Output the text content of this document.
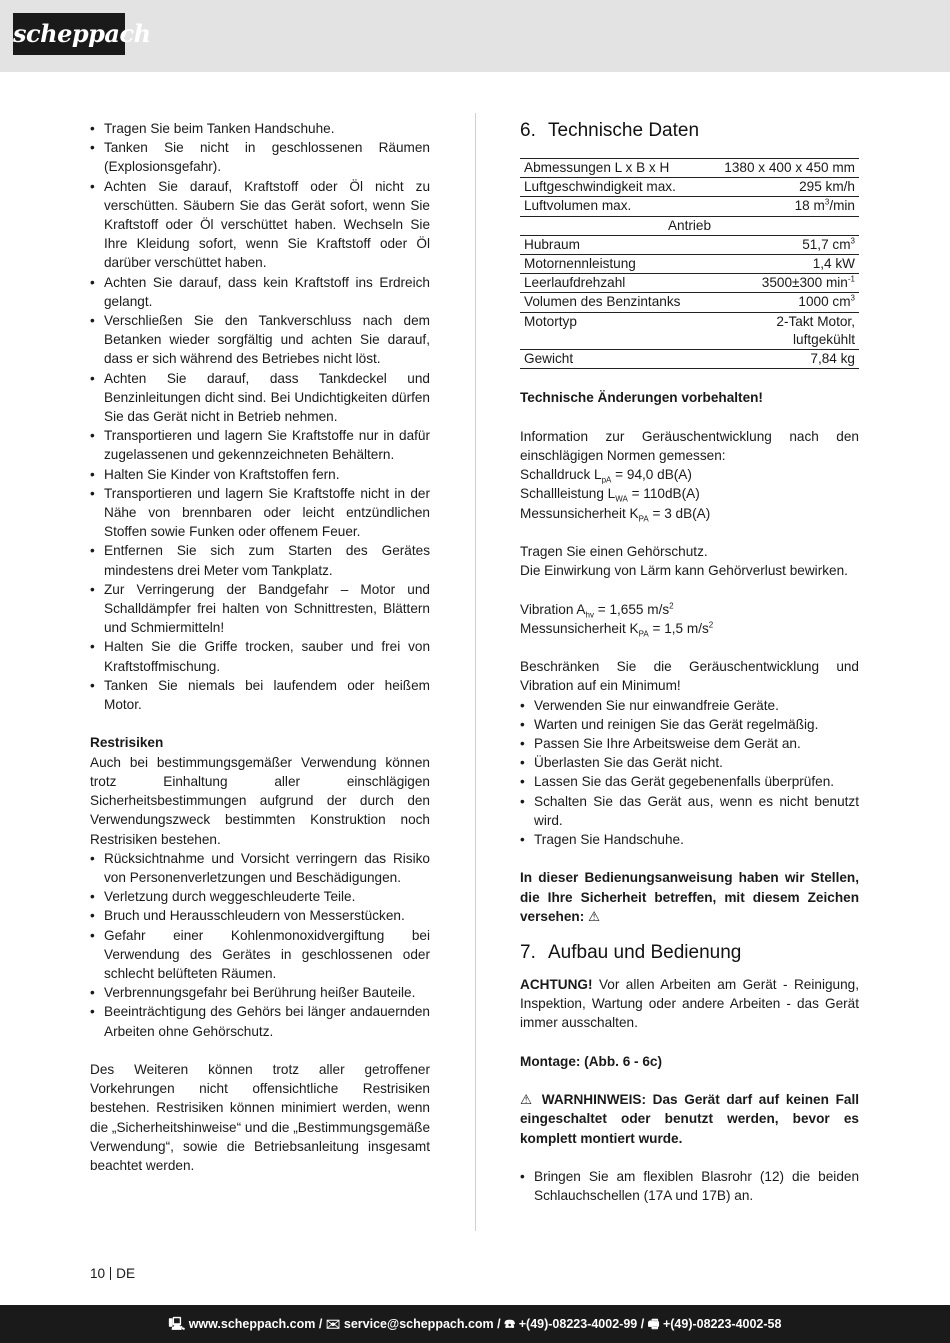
scheppach
• Tragen Sie beim Tanken Handschuhe.
• Tanken Sie nicht in geschlossenen Räumen (Explosionsgefahr).
• Achten Sie darauf, Kraftstoff oder Öl nicht zu verschütten. Säubern Sie das Gerät sofort, wenn Sie Kraftstoff oder Öl verschüttet haben. Wechseln Sie Ihre Kleidung sofort, wenn Sie Kraftstoff oder Öl darüber verschüttet haben.
• Achten Sie darauf, dass kein Kraftstoff ins Erdreich gelangt.
• Verschließen Sie den Tankverschluss nach dem Betanken wieder sorgfältig und achten Sie darauf, dass er sich während des Betriebes nicht löst.
• Achten Sie darauf, dass Tankdeckel und Benzinleitungen dicht sind. Bei Undichtigkeiten dürfen Sie das Gerät nicht in Betrieb nehmen.
• Transportieren und lagern Sie Kraftstoffe nur in dafür zugelassenen und gekennzeichneten Behältern.
• Halten Sie Kinder von Kraftstoffen fern.
• Transportieren und lagern Sie Kraftstoffe nicht in der Nähe von brennbaren oder leicht entzündlichen Stoffen sowie Funken oder offenem Feuer.
• Entfernen Sie sich zum Starten des Gerätes mindestens drei Meter vom Tankplatz.
• Zur Verringerung der Bandgefahr – Motor und Schalldämpfer frei halten von Schnittresten, Blättern und Schmiermitteln!
• Halten Sie die Griffe trocken, sauber und frei von Kraftstoffmischung.
• Tanken Sie niemals bei laufendem oder heißem Motor.

Restrisiken

Auch bei bestimmungsgemäßer Verwendung können trotz Einhaltung aller einschlägigen Sicherheitsbestimmungen aufgrund der durch den Verwendungszweck bestimmten Konstruktion noch Restrisiken bestehen.

• Rücksichtnahme und Vorsicht verringern das Risiko von Personenverletzungen und Beschädigungen.
• Verletzung durch weggeschleuderte Teile.
• Bruch und Herausschleudern von Messerstücken.
• Gefahr einer Kohlenmonoxidvergiftung bei Verwendung des Gerätes in geschlossenen oder schlecht belüfteten Räumen.
• Verbrennungsgefahr bei Berührung heißer Bauteile.
• Beeinträchtigung des Gehörs bei länger andauernden Arbeiten ohne Gehörschutz.

Des Weiteren können trotz aller getroffener Vorkehrungen nicht offensichtliche Restrisiken bestehen. Restrisiken können minimiert werden, wenn die „Sicherheitshinweise“ und die „Bestimmungsgemäße Verwendung“, sowie die Betriebsanleitung insgesamt beachtet werden.

6. Technische Daten
Abmessungen L x B x H	1380 x 400 x 450 mm
Luftgeschwindigkeit max.	295 km/h
Luftvolumen max.	18 $m^3/\min$
Antrieb	
Hubraum	51,7 $cm^3$
Motornennleistung	1,4 kW
Leerlaufdrehzahl	3500±300 $\min^{-1}$
Volumen des Benzintanks	1000 $cm^3$
Motortyp	2-Takt Motor, luftgekühlt
Gewicht	7,84 kg

Technische Änderungen vorbehalten!

Information zur Geräuschentwicklung nach den einschlägigen Normen gemessen:

Schalldruck $L_{pA} = 94,0$ dB(A)

Schallleistung $L_{WA} = 110dB(A)$

Messunsicherheit $K_{PA} = 3$ dB(A)

Tragen Sie einen Gehörschutz.

Die Einwirkung von Lärm kann Gehörverlust bewirken.

Vibration $A_{hv} = 1,655$ $m/s^2$

Messunsicherheit $K_{PA} = 1,5$ $m/s^2$

Beschränken Sie die Geräuschentwicklung und Vibration auf ein Minimum!

• Verwenden Sie nur einwandfreie Geräte.
• Warten und reinigen Sie das Gerät regelmäßig.
• Passen Sie Ihre Arbeitsweise dem Gerät an.
• Überlasten Sie das Gerät nicht.
• Lassen Sie das Gerät gegebenenfalls überprüfen.
• Schalten Sie das Gerät aus, wenn es nicht benutzt wird.
• Tragen Sie Handschuhe.

In dieser Bedienungsanweisung haben wir Stellen, die Ihre Sicherheit betreffen, mit diesem Zeichen versehen: ⚠

7. Aufbau und Bedienung

ACHTUNG! Vor allen Arbeiten am Gerät - Reinigung, Inspektion, Wartung oder andere Arbeiten - das Gerät immer ausschalten.

Montage: (Abb. 6 - 6c)

⚠ WARNHINWEIS: Das Gerät darf auf keinen Fall eingeschaltet oder benutzt werden, bevor es komplett montiert wurde.

• Bringen Sie am flexiblen Blasrohr (12) die beiden Schlauchschellen (17A und 17B) an.
10 DE
🖳 www.scheppach.com / ✉ service@scheppach.com / ☎ +(49)-08223-4002-99 / 🖷 +(49)-08223-4002-58
